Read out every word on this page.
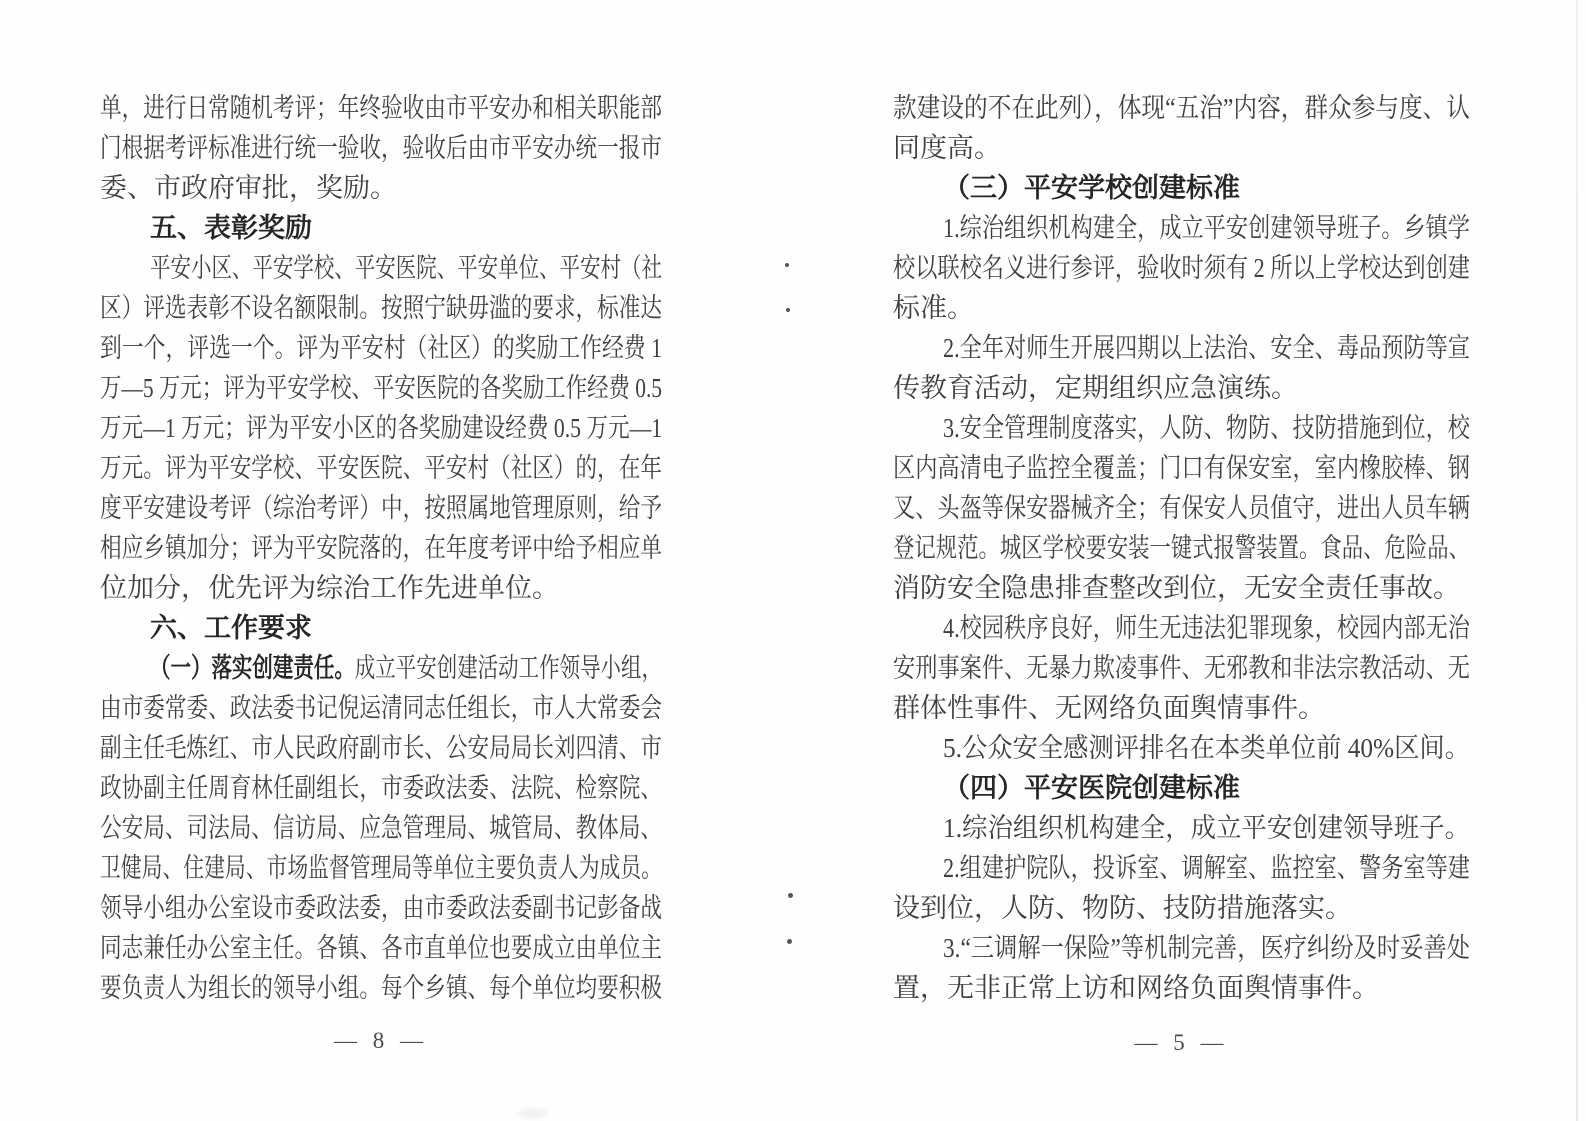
单，进行日常随机考评；年终验收由市平安办和相关职能部
门根据考评标准进行统一验收，验收后由市平安办统一报市
委、市政府审批，奖励。
五、表彰奖励
平安小区、平安学校、平安医院、平安单位、平安村（社
区）评选表彰不设名额限制。按照宁缺毋滥的要求，标准达
到一个，评选一个。评为平安村（社区）的奖励工作经费 1
万—5 万元；评为平安学校、平安医院的各奖励工作经费 0.5
万元—1 万元；评为平安小区的各奖励建设经费 0.5 万元—1
万元。评为平安学校、平安医院、平安村（社区）的，在年
度平安建设考评（综治考评）中，按照属地管理原则，给予
相应乡镇加分；评为平安院落的，在年度考评中给予相应单
位加分，优先评为综治工作先进单位。
六、工作要求
（一）落实创建责任。成立平安创建活动工作领导小组，
由市委常委、政法委书记倪运清同志任组长，市人大常委会
副主任毛炼红、市人民政府副市长、公安局局长刘四清、市
政协副主任周育林任副组长，市委政法委、法院、检察院、
公安局、司法局、信访局、应急管理局、城管局、教体局、
卫健局、住建局、市场监督管理局等单位主要负责人为成员。
领导小组办公室设市委政法委，由市委政法委副书记彭备战
同志兼任办公室主任。各镇、各市直单位也要成立由单位主
要负责人为组长的领导小组。每个乡镇、每个单位均要积极
款建设的不在此列），体现“五治”内容，群众参与度、认
同度高。
（三）平安学校创建标准
1.综治组织机构建全，成立平安创建领导班子。乡镇学
校以联校名义进行参评，验收时须有 2 所以上学校达到创建
标准。
2.全年对师生开展四期以上法治、安全、毒品预防等宣
传教育活动，定期组织应急演练。
3.安全管理制度落实，人防、物防、技防措施到位，校
区内高清电子监控全覆盖；门口有保安室，室内橡胶棒、钢
叉、头盔等保安器械齐全；有保安人员值守，进出人员车辆
登记规范。城区学校要安装一键式报警装置。食品、危险品、
消防安全隐患排查整改到位，无安全责任事故。
4.校园秩序良好，师生无违法犯罪现象，校园内部无治
安刑事案件、无暴力欺凌事件、无邪教和非法宗教活动、无
群体性事件、无网络负面舆情事件。
5.公众安全感测评排名在本类单位前 40%区间。
（四）平安医院创建标准
1.综治组织机构建全，成立平安创建领导班子。
2.组建护院队，投诉室、调解室、监控室、警务室等建
设到位，人防、物防、技防措施落实。
3.“三调解一保险”等机制完善，医疗纠纷及时妥善处
置，无非正常上访和网络负面舆情事件。
— 8 —	— 5 —
